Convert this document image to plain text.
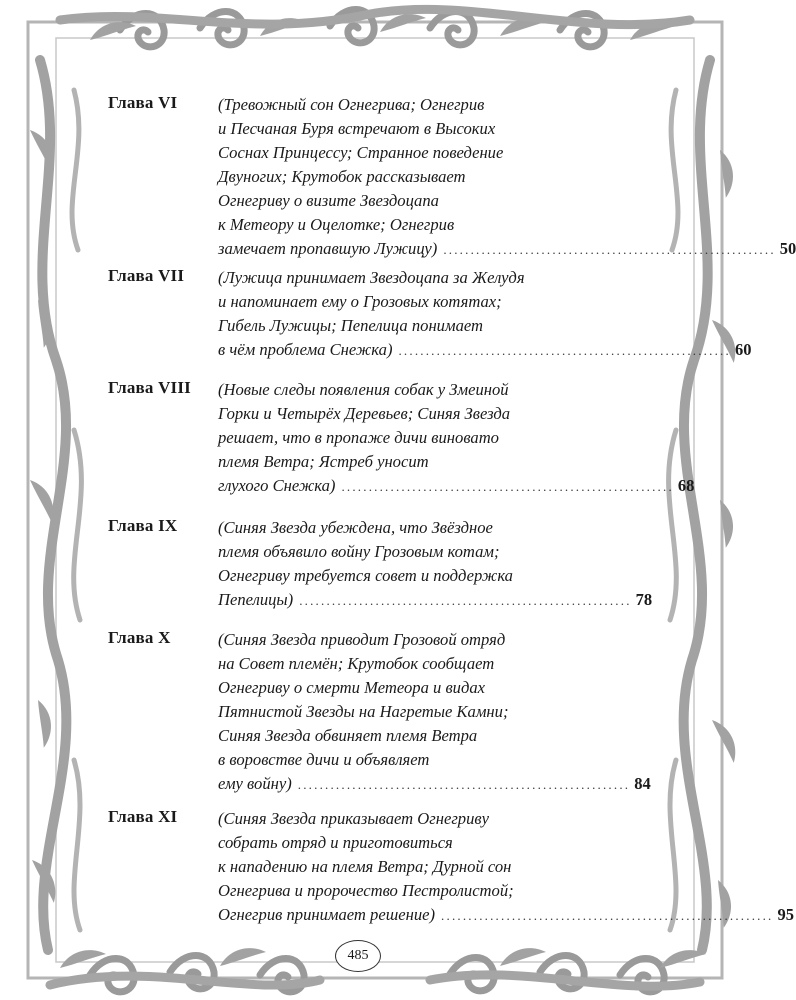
Глава VI (Тревожный сон Огнегрива; Огнегрив
и Песчаная Буря встречают в Высоких
Соснах Принцессу; Странное поведение
Двуногих; Крутобок рассказывает
Огнегриву о визите Звездоцапа
к Метеору и Оцелотке; Огнегрив
замечает пропавшую Лужицу) ............................................................. 50
Глава VII (Лужица принимает Звездоцапа за Желудя
и напоминает ему о Грозовых котятах;
Гибель Лужицы; Пепелица понимает
в чём проблема Снежка) ............................................................. 60
Глава VIII (Новые следы появления собак у Змеиной
Горки и Четырёх Деревьев; Синяя Звезда
решает, что в пропаже дичи виновато
племя Ветра; Ястреб уносит
глухого Снежка) ............................................................. 68
Глава IX (Синяя Звезда убеждена, что Звёздное
племя объявило войну Грозовым котам;
Огнегриву требуется совет и поддержка
Пепелицы) ............................................................. 78
Глава X	(Синяя Звезда приводит Грозовой отряд
на Совет племён; Крутобок сообщает
Огнегриву о смерти Метеора и видах
Пятнистой Звезды на Нагретые Камни;
Синяя Звезда обвиняет племя Ветра
в воровстве дичи и объявляет
ему войну) ............................................................. 84
Глава XI (Синяя Звезда приказывает Огнегриву
собрать отряд и приготовиться
к нападению на племя Ветра; Дурной сон
Огнегрива и пророчество Пестролистой;
Огнегрив принимает решение) ............................................................. 95
485
